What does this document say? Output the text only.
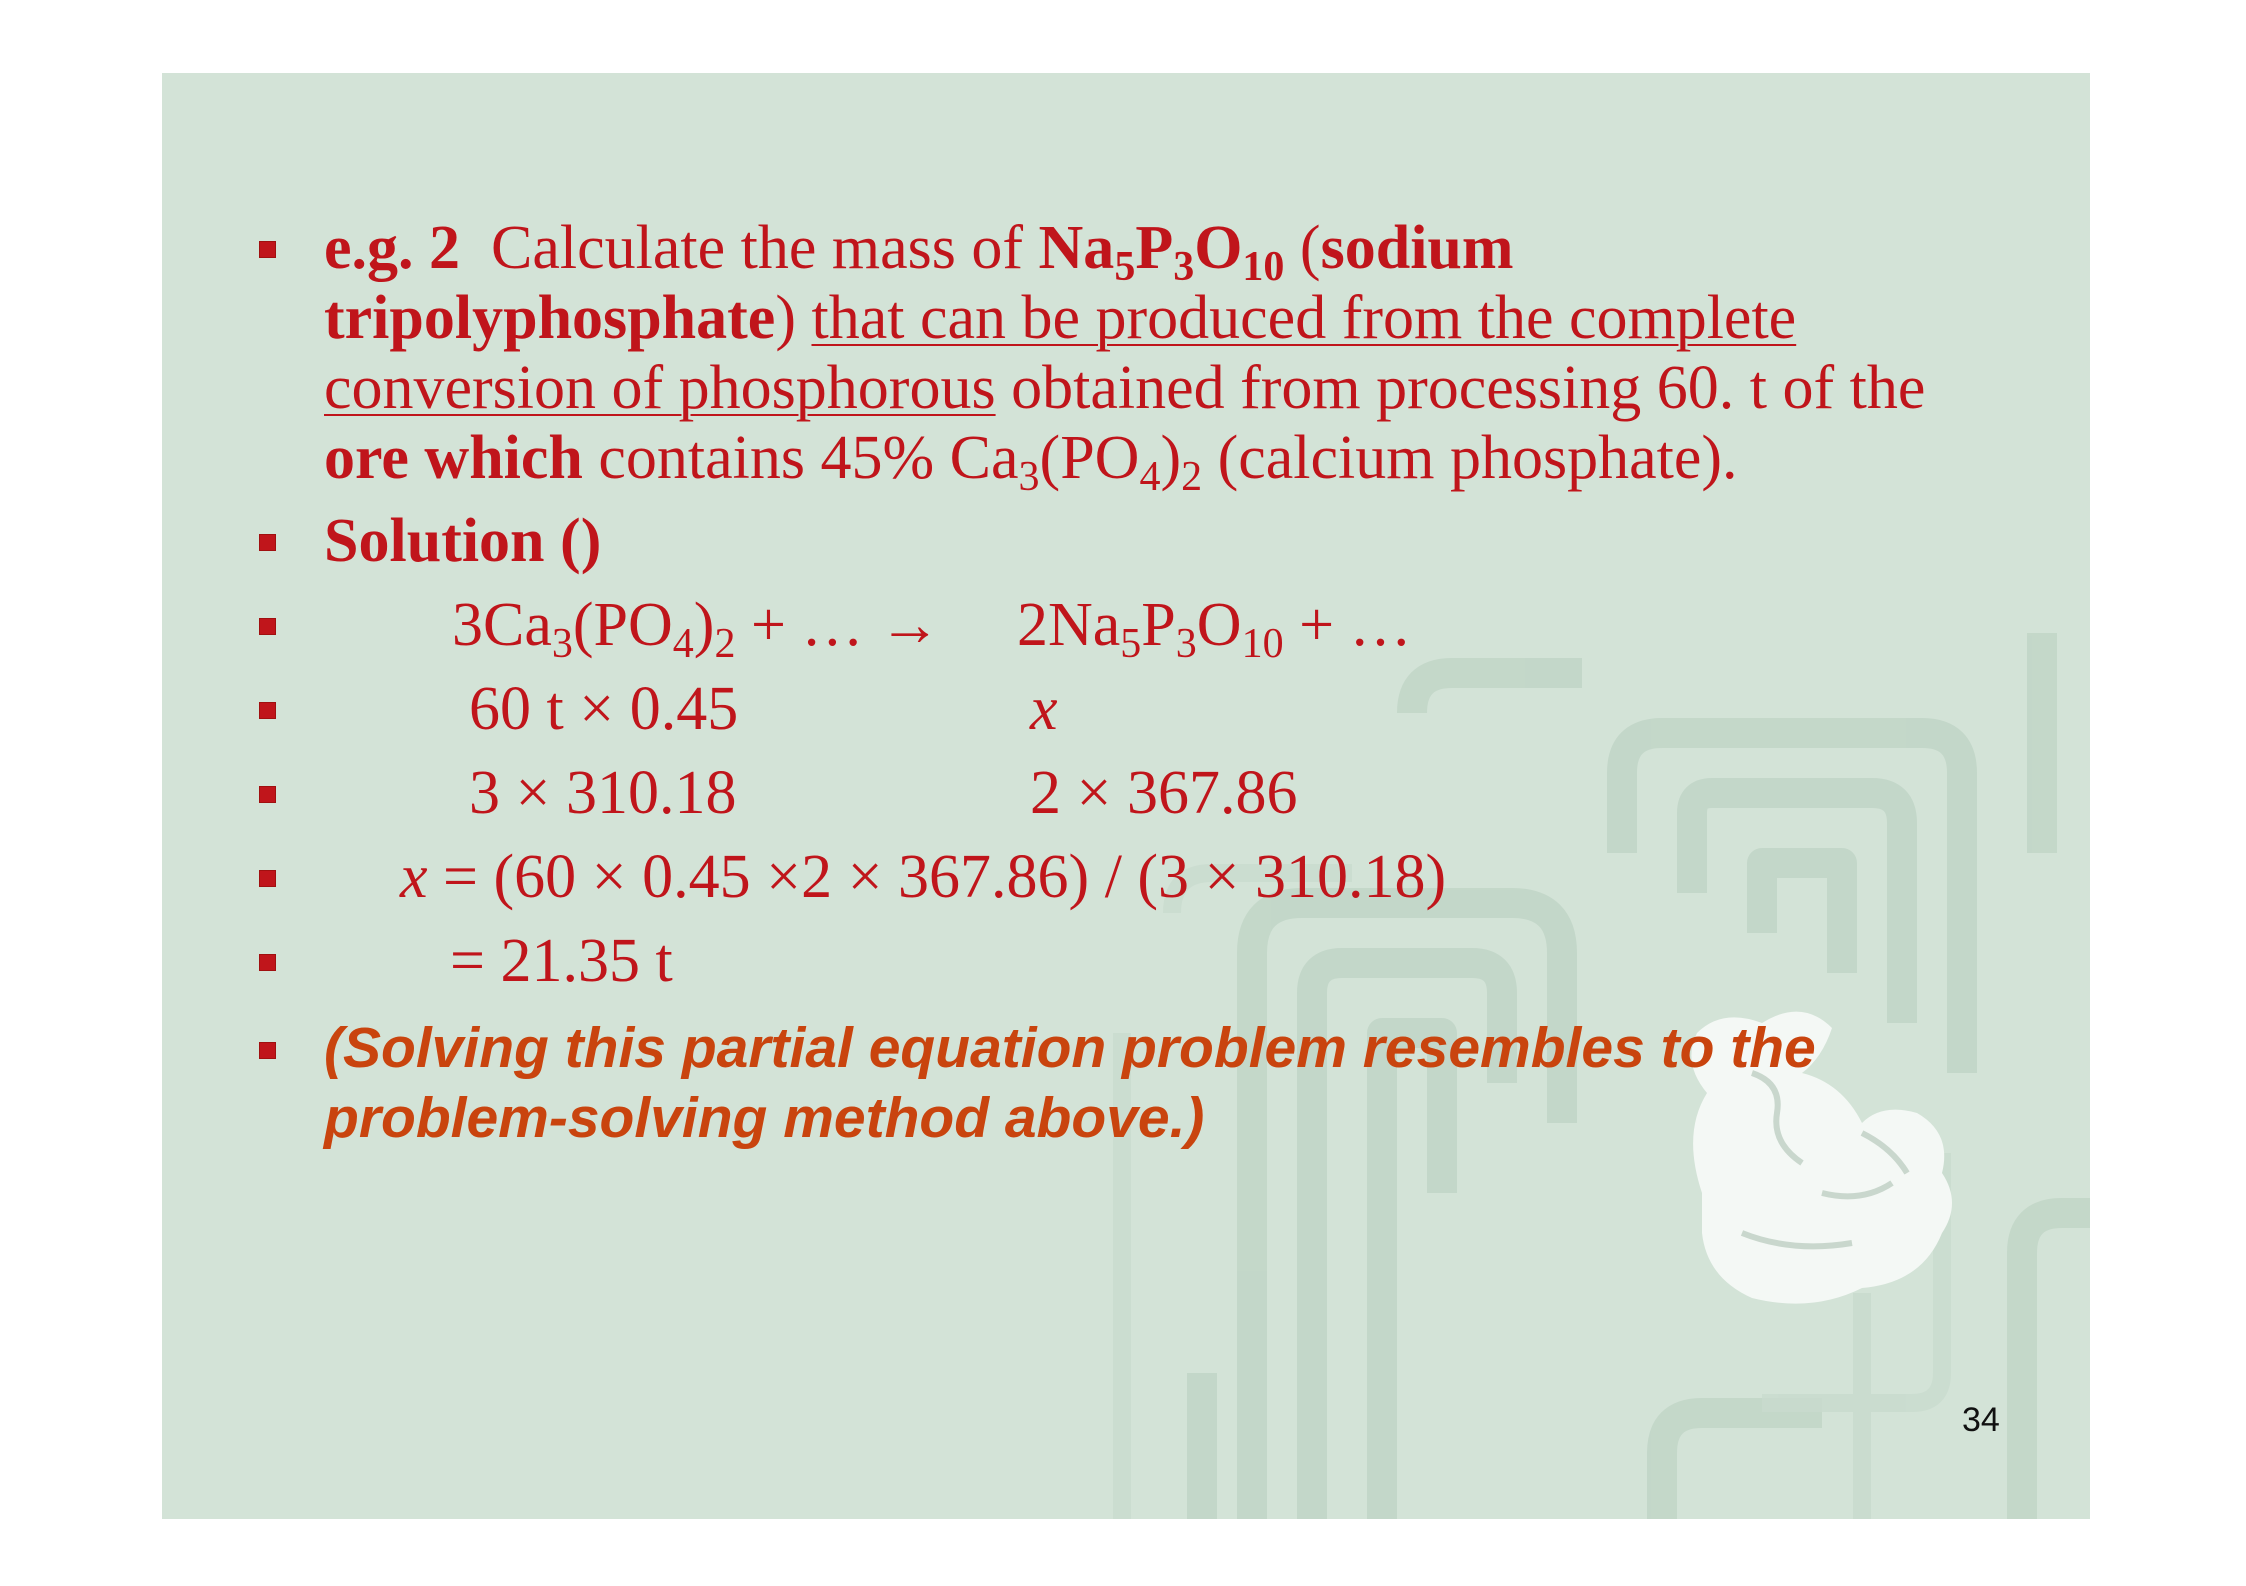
e.g. 2 Calculate the mass of $Na_5P_3O_{10}$ (sodium
tripolyphosphate) that can be produced from the complete
conversion of phosphorous obtained from processing 60. t of the
ore which contains 45% $Ca_3(PO_4)_2$ (calcium phosphate).
Solution ()
$3Ca_3(PO_4)_2$ + … → $2Na_5P_3O_{10}$ + …
60 t × 0.45	x
3 × 310.18	2 × 367.86
x = (60 × 0.45 ×2 × 367.86) / (3 × 310.18)
= 21.35 t
(Solving this partial equation problem resembles to the
problem-solving method above.)
34
